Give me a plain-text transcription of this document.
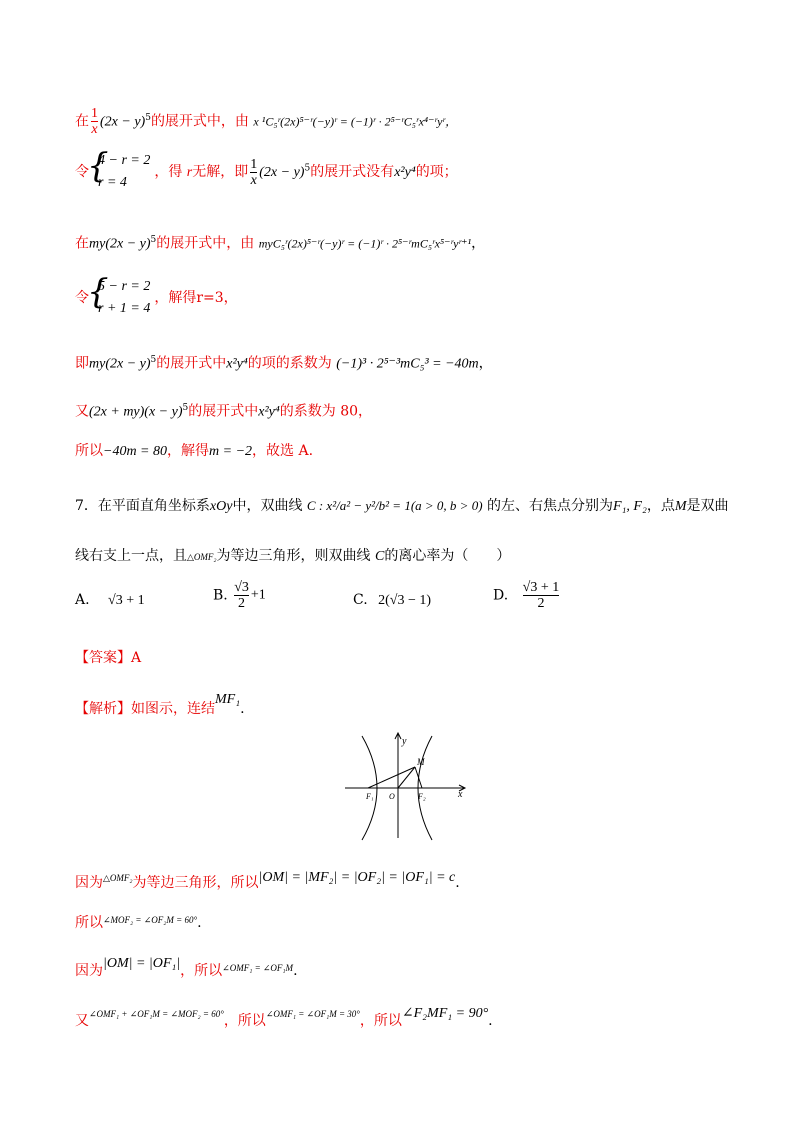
在 $\frac{1}{x} (2x - y)^5$的展开式中，由 x ¹C₅ʳ(2x)⁵⁻ʳ(−y)ʳ = (−1)ʳ · 2⁵⁻ʳC₅ʳx⁴⁻ʳyʳ，
令
{ 4 − r = 2
r = 4
，得 r无解，即 $\frac{1}{x} (2x - y)^5$的展开式没有x²y⁴的项；
在$my(2x - y)^5$的展开式中，由 myC₅ʳ(2x)⁵⁻ʳ(−y)ʳ = (−1)ʳ · 2⁵⁻ʳmC₅ʳx⁵⁻ʳyʳ⁺¹，
令
{ 5 − r = 2
r + 1 = 4
，解得r=3，
即$my(2x - y)^5$的展开式中x²y⁴的项的系数为 (−1)³ · 2⁵⁻³mC₅³ = −40m，
又$(2x + my)(x - y)^5$的展开式中x²y⁴的系数为 80，
所以−40m = 80，解得m = −2，故选 A.
7．在平面直角坐标系xOy中，双曲线 C : x²/a² − y²/b² = 1(a > 0, b > 0) 的左、右焦点分别为F₁, F₂，点M是双曲
线右支上一点，且△OMF₂为等边三角形，则双曲线 C的离心率为（　　）
A. √3 + 1	B. $\frac{√3}{2} +1$	C. 2(√3 − 1)	D. $\frac{√3 + 1}{2}$
【答案】A
【解析】如图示，连结MF₁.
y
x
M
F₁ O	F₂
因为$^{\triangle OMF_2}$为等边三角形，所以|OM| = |MF₂| = |OF₂| = |OF₁| = c.
所以$^{\angle MOF_2 = \angle OF_2M = 60^\circ}$.
因为|OM| = |OF₁|，所以$^{\angle OMF_1 = \angle OF_1M}$.
又$^{\angle OMF_1 + \angle OF_1M = \angle MOF_2 = 60^\circ}$，所以$^{\angle OMF_1 = \angle OF_1M = 30^\circ}$，所以∠F₂MF₁ = 90°.
